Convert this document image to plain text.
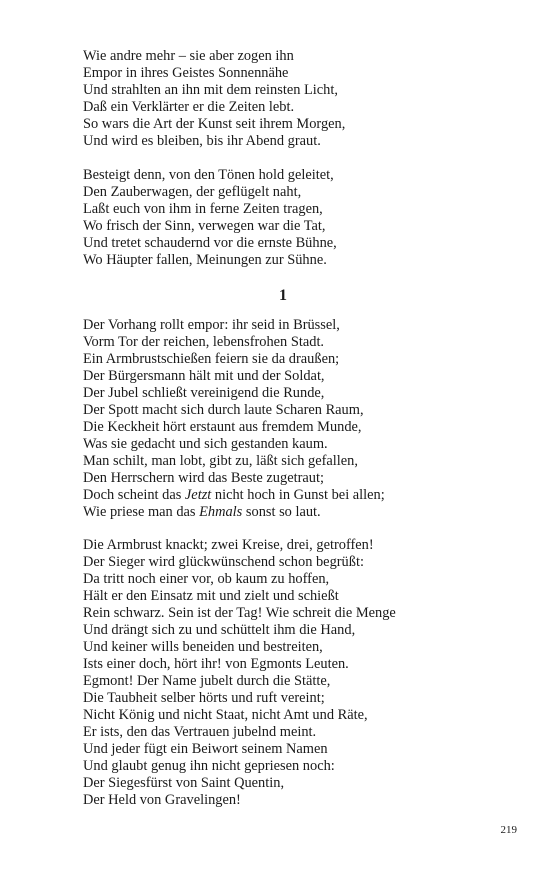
Wie andre mehr – sie aber zogen ihn
Empor in ihres Geistes Sonnennähe
Und strahlten an ihn mit dem reinsten Licht,
Daß ein Verklärter er die Zeiten lebt.
So wars die Art der Kunst seit ihrem Morgen,
Und wird es bleiben, bis ihr Abend graut.
Besteigt denn, von den Tönen hold geleitet,
Den Zauberwagen, der geflügelt naht,
Laßt euch von ihm in ferne Zeiten tragen,
Wo frisch der Sinn, verwegen war die Tat,
Und tretet schaudernd vor die ernste Bühne,
Wo Häupter fallen, Meinungen zur Sühne.
1
Der Vorhang rollt empor: ihr seid in Brüssel,
Vorm Tor der reichen, lebensfrohen Stadt.
Ein Armbrustschießen feiern sie da draußen;
Der Bürgersmann hält mit und der Soldat,
Der Jubel schließt vereinigend die Runde,
Der Spott macht sich durch laute Scharen Raum,
Die Keckheit hört erstaunt aus fremdem Munde,
Was sie gedacht und sich gestanden kaum.
Man schilt, man lobt, gibt zu, läßt sich gefallen,
Den Herrschern wird das Beste zugetraut;
Doch scheint das Jetzt nicht hoch in Gunst bei allen;
Wie priese man das Ehmals sonst so laut.
Die Armbrust knackt; zwei Kreise, drei, getroffen!
Der Sieger wird glückwünschend schon begrüßt:
Da tritt noch einer vor, ob kaum zu hoffen,
Hält er den Einsatz mit und zielt und schießt
Rein schwarz. Sein ist der Tag! Wie schreit die Menge
Und drängt sich zu und schüttelt ihm die Hand,
Und keiner wills beneiden und bestreiten,
Ists einer doch, hört ihr! von Egmonts Leuten.
Egmont! Der Name jubelt durch die Stätte,
Die Taubheit selber hörts und ruft vereint;
Nicht König und nicht Staat, nicht Amt und Räte,
Er ists, den das Vertrauen jubelnd meint.
Und jeder fügt ein Beiwort seinem Namen
Und glaubt genug ihn nicht gepriesen noch:
Der Siegesfürst von Saint Quentin,
Der Held von Gravelingen!
219
